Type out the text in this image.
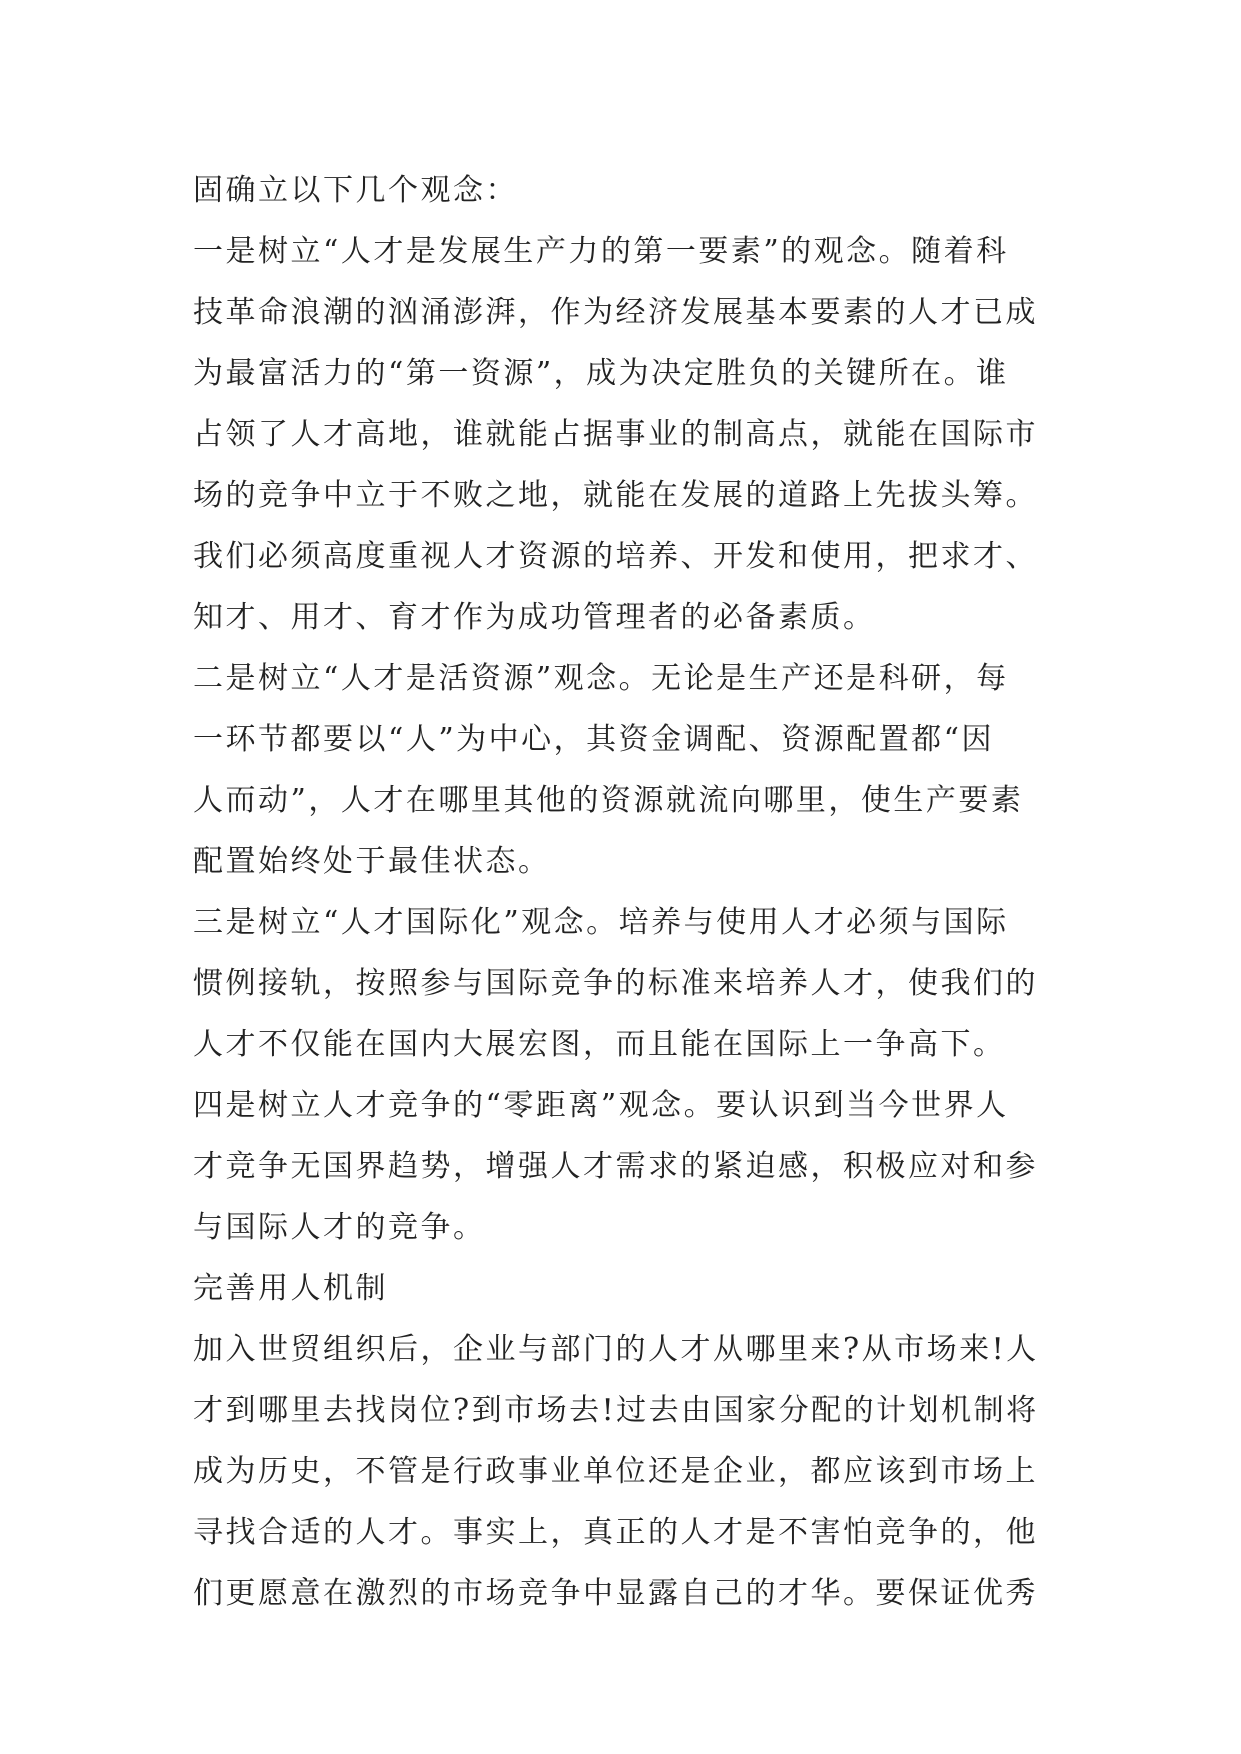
固确立以下几个观念：

一是树立“人才是发展生产力的第一要素”的观念。随着科

技革命浪潮的汹涌澎湃，作为经济发展基本要素的人才已成

为最富活力的“第一资源”，成为决定胜负的关键所在。谁

占领了人才高地，谁就能占据事业的制高点，就能在国际市

场的竞争中立于不败之地，就能在发展的道路上先拔头筹。

我们必须高度重视人才资源的培养、开发和使用，把求才、

知才、用才、育才作为成功管理者的必备素质。

二是树立“人才是活资源”观念。无论是生产还是科研，每

一环节都要以“人”为中心，其资金调配、资源配置都“因

人而动”，人才在哪里其他的资源就流向哪里，使生产要素

配置始终处于最佳状态。

三是树立“人才国际化”观念。培养与使用人才必须与国际

惯例接轨，按照参与国际竞争的标准来培养人才，使我们的

人才不仅能在国内大展宏图，而且能在国际上一争高下。

四是树立人才竞争的“零距离”观念。要认识到当今世界人

才竞争无国界趋势，增强人才需求的紧迫感，积极应对和参

与国际人才的竞争。

完善用人机制

加入世贸组织后，企业与部门的人才从哪里来?从市场来!人

才到哪里去找岗位?到市场去!过去由国家分配的计划机制将

成为历史，不管是行政事业单位还是企业，都应该到市场上

寻找合适的人才。事实上，真正的人才是不害怕竞争的，他

们更愿意在激烈的市场竞争中显露自己的才华。要保证优秀
